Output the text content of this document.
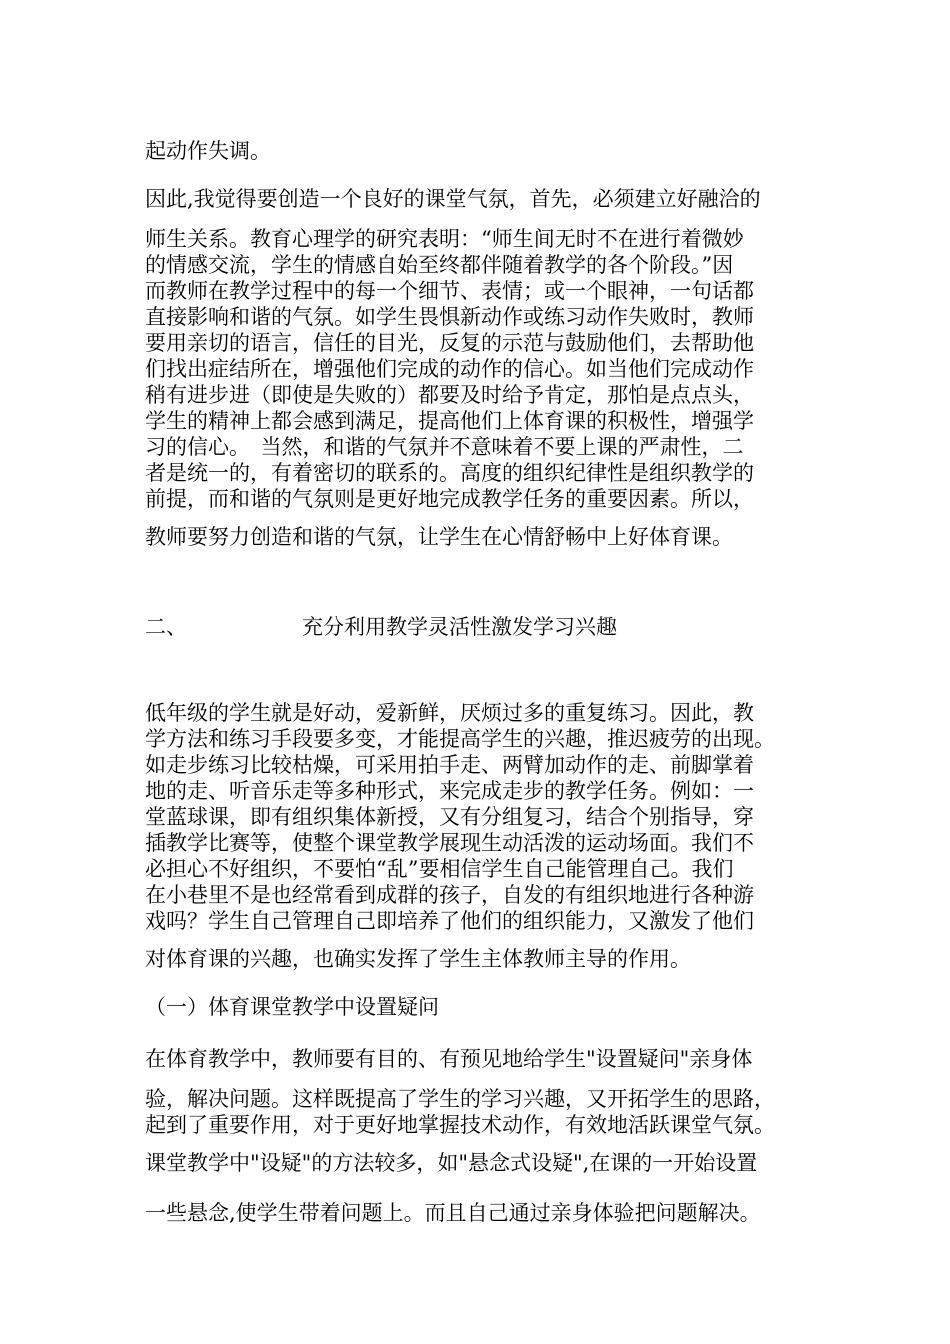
起动作失调。
因此,我觉得要创造一个良好的课堂气氛，首先，必须建立好融洽的
师生关系。教育心理学的研究表明：“师生间无时不在进行着微妙
的情感交流，学生的情感自始至终都伴随着教学的各个阶段。”因
而教师在教学过程中的每一个细节、表情；或一个眼神，一句话都
直接影响和谐的气氛。如学生畏惧新动作或练习动作失败时，教师
要用亲切的语言，信任的目光，反复的示范与鼓励他们，去帮助他
们找出症结所在，增强他们完成的动作的信心。如当他们完成动作
稍有进步进（即使是失败的）都要及时给予肯定，那怕是点点头，
学生的精神上都会感到满足，提高他们上体育课的积极性，增强学
习的信心。　当然，和谐的气氛并不意味着不要上课的严肃性，二
者是统一的，有着密切的联系的。高度的组织纪律性是组织教学的
前提，而和谐的气氛则是更好地完成教学任务的重要因素。所以，
教师要努力创造和谐的气氛，让学生在心情舒畅中上好体育课。
二、	充分利用教学灵活性激发学习兴趣
低年级的学生就是好动，爱新鲜，厌烦过多的重复练习。因此，教
学方法和练习手段要多变，才能提高学生的兴趣，推迟疲劳的出现。
如走步练习比较枯燥，可采用拍手走、两臂加动作的走、前脚掌着
地的走、听音乐走等多种形式，来完成走步的教学任务。例如：一
堂蓝球课，即有组织集体新授，又有分组复习，结合个别指导，穿
插教学比赛等，使整个课堂教学展现生动活泼的运动场面。我们不
必担心不好组织，不要怕“乱”要相信学生自己能管理自己。我们
在小巷里不是也经常看到成群的孩子，自发的有组织地进行各种游
戏吗？学生自己管理自己即培养了他们的组织能力，又激发了他们
对体育课的兴趣，也确实发挥了学生主体教师主导的作用。
（一）体育课堂教学中设置疑问
在体育教学中，教师要有目的、有预见地给学生"设置疑问"亲身体
验，解决问题。这样既提高了学生的学习兴趣，又开拓学生的思路，
起到了重要作用，对于更好地掌握技术动作，有效地活跃课堂气氛。
课堂教学中"设疑"的方法较多，如"悬念式设疑",在课的一开始设置
一些悬念,使学生带着问题上。而且自己通过亲身体验把问题解决。
